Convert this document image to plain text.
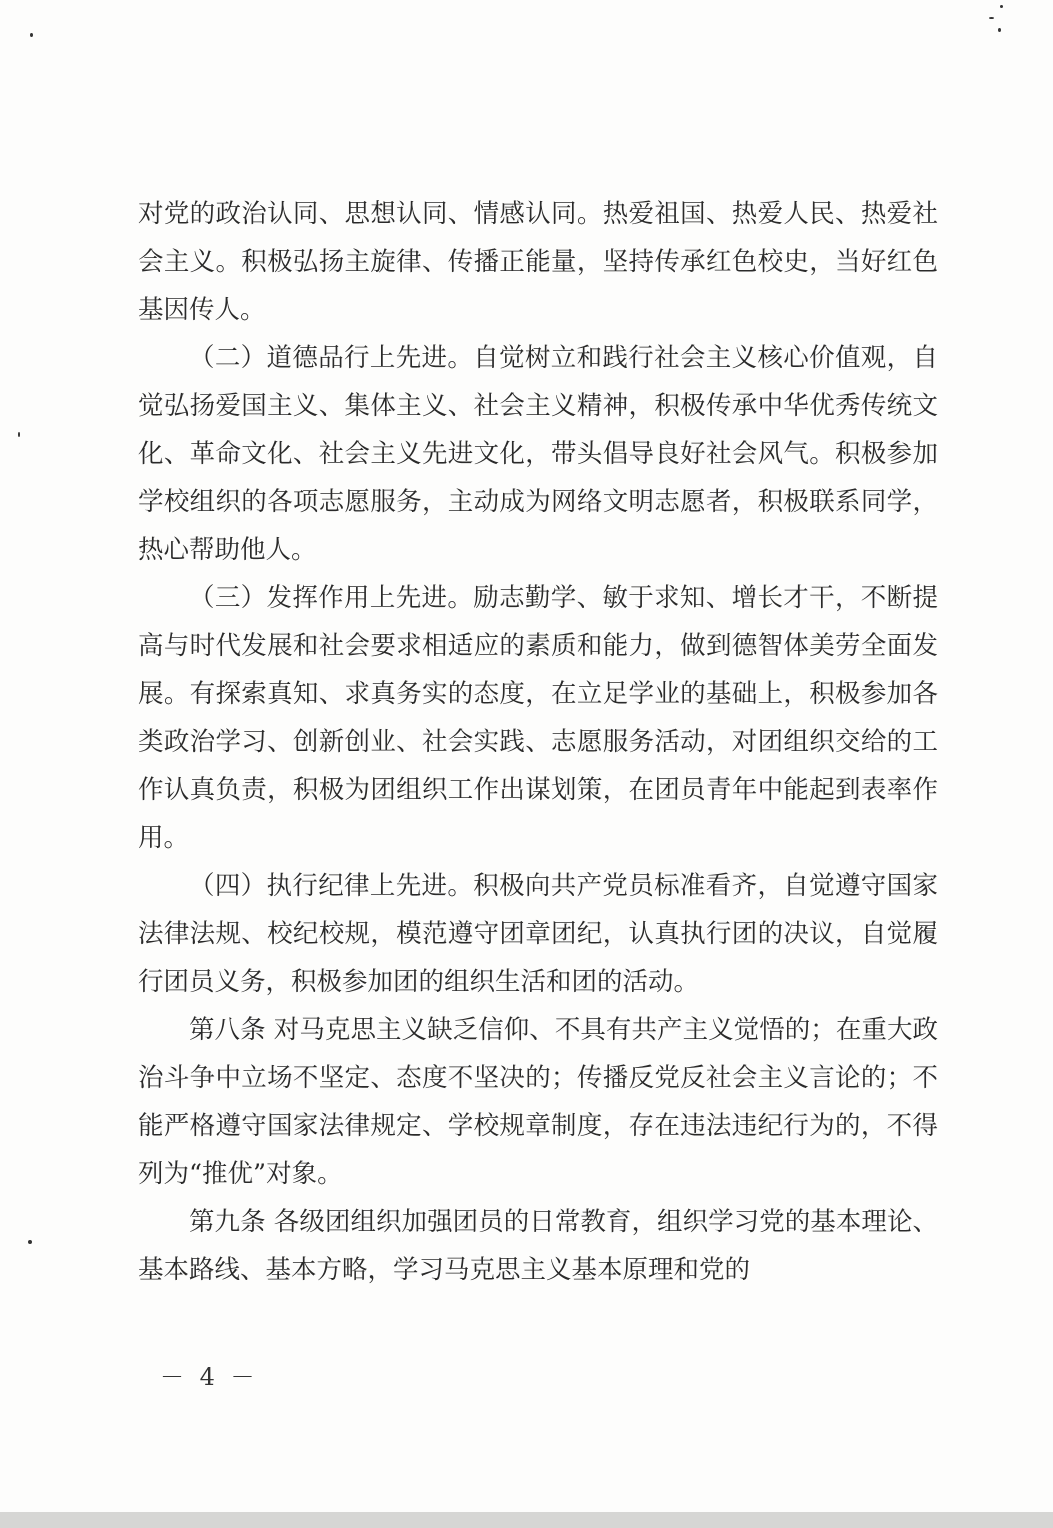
对党的政治认同、思想认同、情感认同。热爱祖国、热爱人民、热爱社会主义。积极弘扬主旋律、传播正能量，坚持传承红色校史，当好红色基因传人。

（二）道德品行上先进。自觉树立和践行社会主义核心价值观，自觉弘扬爱国主义、集体主义、社会主义精神，积极传承中华优秀传统文化、革命文化、社会主义先进文化，带头倡导良好社会风气。积极参加学校组织的各项志愿服务，主动成为网络文明志愿者，积极联系同学，热心帮助他人。

（三）发挥作用上先进。励志勤学、敏于求知、增长才干，不断提高与时代发展和社会要求相适应的素质和能力，做到德智体美劳全面发展。有探索真知、求真务实的态度，在立足学业的基础上，积极参加各类政治学习、创新创业、社会实践、志愿服务活动，对团组织交给的工作认真负责，积极为团组织工作出谋划策，在团员青年中能起到表率作用。

（四）执行纪律上先进。积极向共产党员标准看齐，自觉遵守国家法律法规、校纪校规，模范遵守团章团纪，认真执行团的决议，自觉履行团员义务，积极参加团的组织生活和团的活动。

第八条 对马克思主义缺乏信仰、不具有共产主义觉悟的；在重大政治斗争中立场不坚定、态度不坚决的；传播反党反社会主义言论的；不能严格遵守国家法律规定、学校规章制度，存在违法违纪行为的，不得列为“推优”对象。

第九条 各级团组织加强团员的日常教育，组织学习党的基本理论、基本路线、基本方略，学习马克思主义基本原理和党的

－ 4 －
